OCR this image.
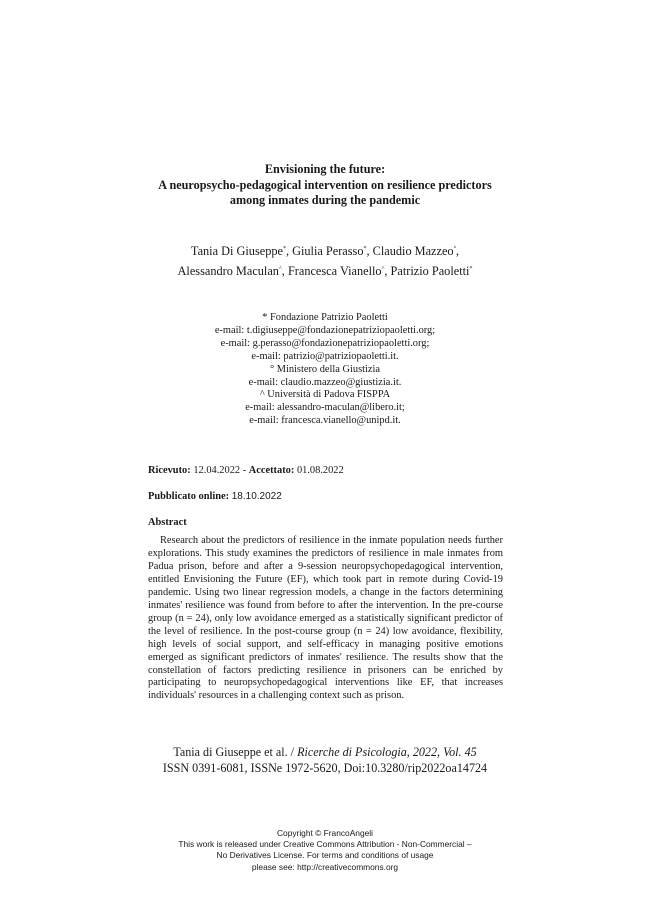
Envisioning the future:
A neuropsycho-pedagogical intervention on resilience predictors
among inmates during the pandemic
Tania Di Giuseppe*, Giulia Perasso*, Claudio Mazzeo°,
Alessandro Maculan^, Francesca Vianello^, Patrizio Paoletti*
* Fondazione Patrizio Paoletti
e-mail: t.digiuseppe@fondazionepatriziopaoletti.org;
e-mail: g.perasso@fondazionepatriziopaoletti.org;
e-mail: patrizio@patriziopaoletti.it.
° Ministero della Giustizia
e-mail: claudio.mazzeo@giustizia.it.
^ Università di Padova FISPPA
e-mail: alessandro-maculan@libero.it;
e-mail: francesca.vianello@unipd.it.
Ricevuto: 12.04.2022 - Accettato: 01.08.2022
Pubblicato online: 18.10.2022
Abstract

Research about the predictors of resilience in the inmate population needs further explorations. This study examines the predictors of resilience in male inmates from Padua prison, before and after a 9-session neuropsychopedagogical intervention, entitled Envisioning the Future (EF), which took part in remote during Covid-19 pandemic. Using two linear regression models, a change in the factors determining inmates' resilience was found from before to after the intervention. In the pre-course group (n = 24), only low avoidance emerged as a statistically significant predictor of the level of resilience. In the post-course group (n = 24) low avoidance, flexibility, high levels of social support, and self-efficacy in managing positive emotions emerged as significant predictors of inmates' resilience. The results show that the constellation of factors predicting resilience in prisoners can be enriched by participating to neuropsychopedagogical interventions like EF, that increases individuals' resources in a challenging context such as prison.

Tania di Giuseppe et al. / Ricerche di Psicologia, 2022, Vol. 45
ISSN 0391-6081, ISSNe 1972-5620, Doi:10.3280/rip2022oa14724
Copyright © FrancoAngeli
This work is released under Creative Commons Attribution - Non-Commercial –
No Derivatives License. For terms and conditions of usage
please see: http://creativecommons.org
